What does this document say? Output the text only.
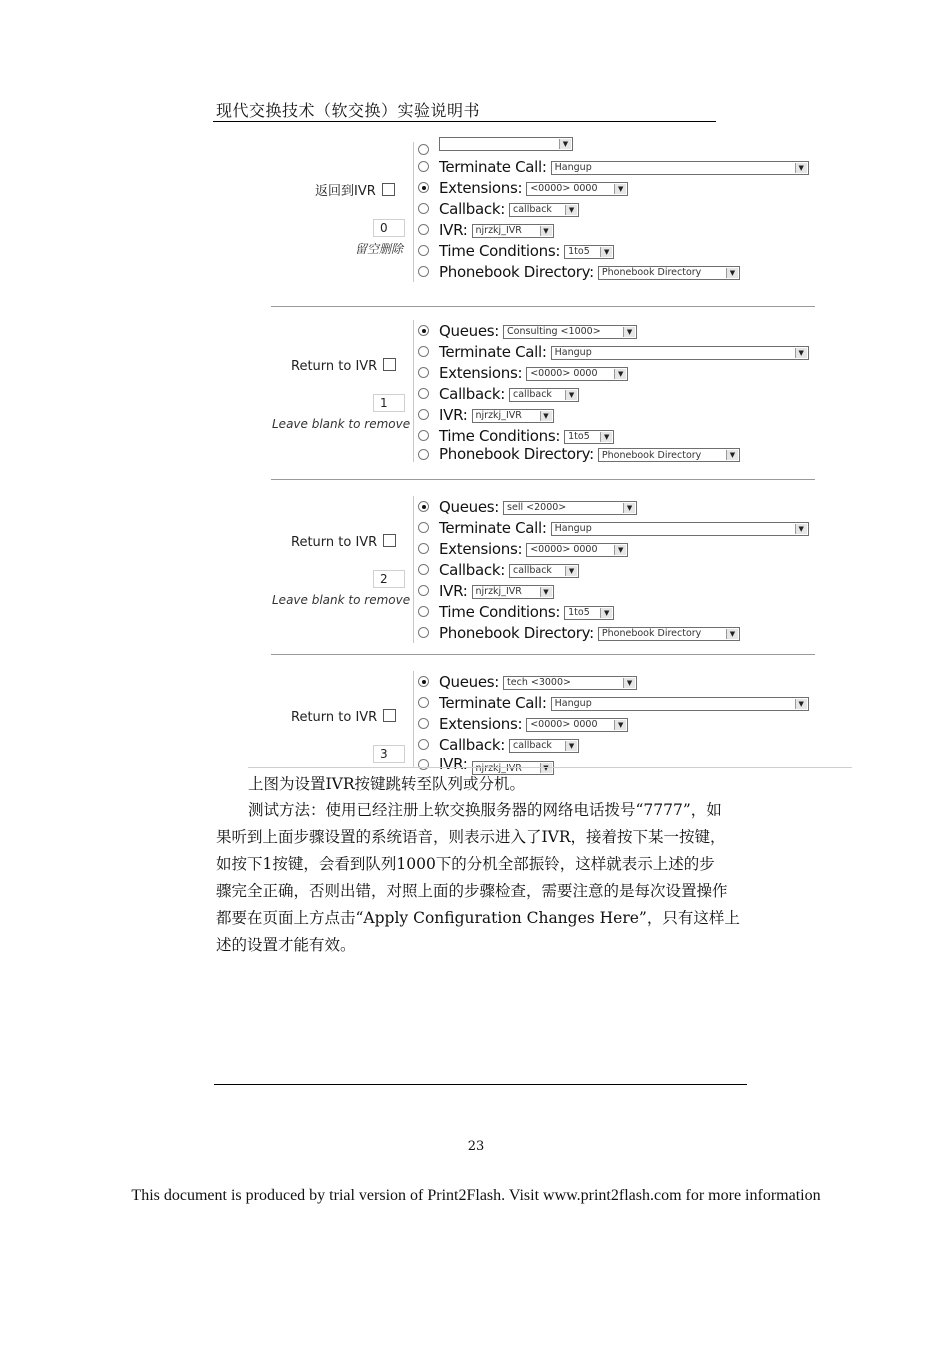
现代交换技术（软交换）实验说明书
▼
Terminate Call: Hangup	▼
Extensions: <0000> 0000	▼
Callback: callback	▼
IVR: njrzkj_IVR	▼
Time Conditions: 1to5	▼
Phonebook Directory: Phonebook Directory	▼
返回到IVR
0
留空删除
Queues: Consulting <1000>	▼
Terminate Call: Hangup	▼
Extensions: <0000> 0000	▼
Callback: callback	▼
IVR: njrzkj_IVR	▼
Time Conditions: 1to5	▼
Phonebook Directory: Phonebook Directory	▼
Return to IVR
1
Leave blank to remove
Queues: sell <2000>	▼
Terminate Call: Hangup	▼
Extensions: <0000> 0000	▼
Callback: callback	▼
IVR: njrzkj_IVR	▼
Time Conditions: 1to5	▼
Phonebook Directory: Phonebook Directory	▼
Return to IVR
2
Leave blank to remove
Queues: tech <3000>	▼
Terminate Call: Hangup	▼
Extensions: <0000> 0000	▼
Callback: callback	▼
IVR: njrzkj_IVR	▼
Return to IVR
3
上图为设置IVR按键跳转至队列或分机。
测试方法：使用已经注册上软交换服务器的网络电话拨号“7777”，如
果听到上面步骤设置的系统语音，则表示进入了IVR，接着按下某一按键，
如按下1按键，会看到队列1000下的分机全部振铃，这样就表示上述的步
骤完全正确，否则出错，对照上面的步骤检查，需要注意的是每次设置操作
都要在页面上方点击“Apply Configuration Changes Here”，只有这样上
述的设置才能有效。
23
This document is produced by trial version of Print2Flash. Visit www.print2flash.com for more information
